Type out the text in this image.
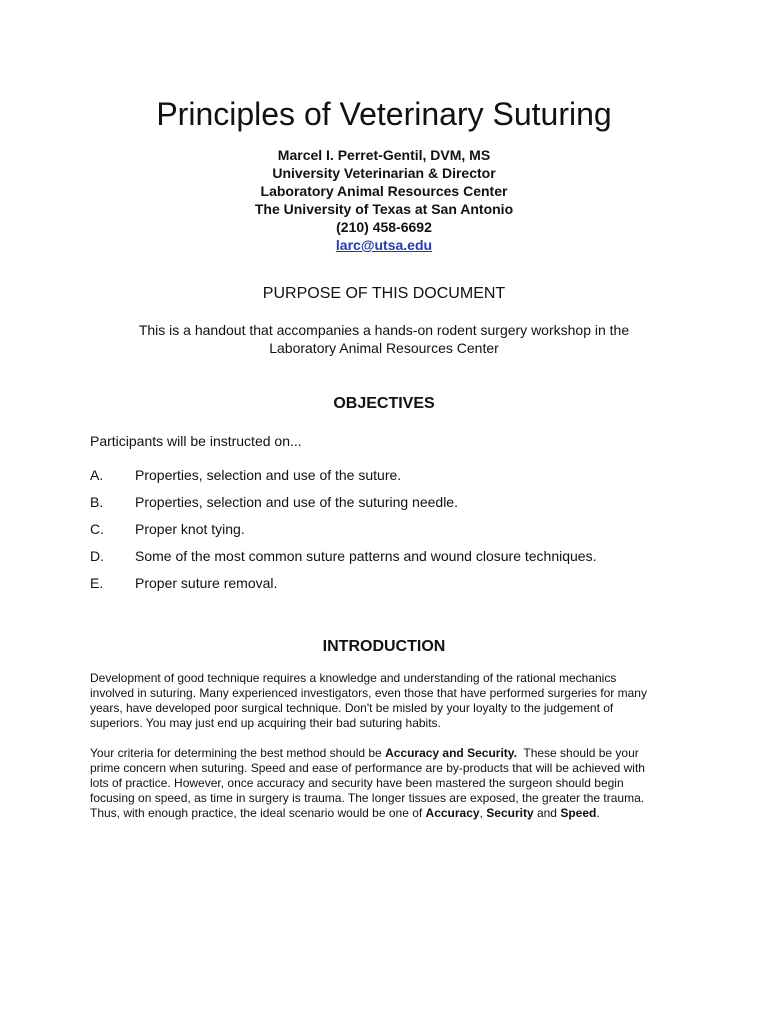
Principles of Veterinary Suturing
Marcel I. Perret-Gentil, DVM, MS
University Veterinarian & Director
Laboratory Animal Resources Center
The University of Texas at San Antonio
(210) 458-6692
larc@utsa.edu
PURPOSE OF THIS DOCUMENT
This is a handout that accompanies a hands-on rodent surgery workshop in the
Laboratory Animal Resources Center
OBJECTIVES
Participants will be instructed on...
A.	Properties, selection and use of the suture.
B.	Properties, selection and use of the suturing needle.
C.	Proper knot tying.
D.	Some of the most common suture patterns and wound closure techniques.
E.	Proper suture removal.
INTRODUCTION
Development of good technique requires a knowledge and understanding of the rational mechanics
involved in suturing. Many experienced investigators, even those that have performed surgeries for many
years, have developed poor surgical technique. Don't be misled by your loyalty to the judgement of
superiors. You may just end up acquiring their bad suturing habits.
Your criteria for determining the best method should be Accuracy and Security.  These should be your
prime concern when suturing. Speed and ease of performance are by-products that will be achieved with
lots of practice. However, once accuracy and security have been mastered the surgeon should begin
focusing on speed, as time in surgery is trauma. The longer tissues are exposed, the greater the trauma.
Thus, with enough practice, the ideal scenario would be one of Accuracy, Security and Speed.
